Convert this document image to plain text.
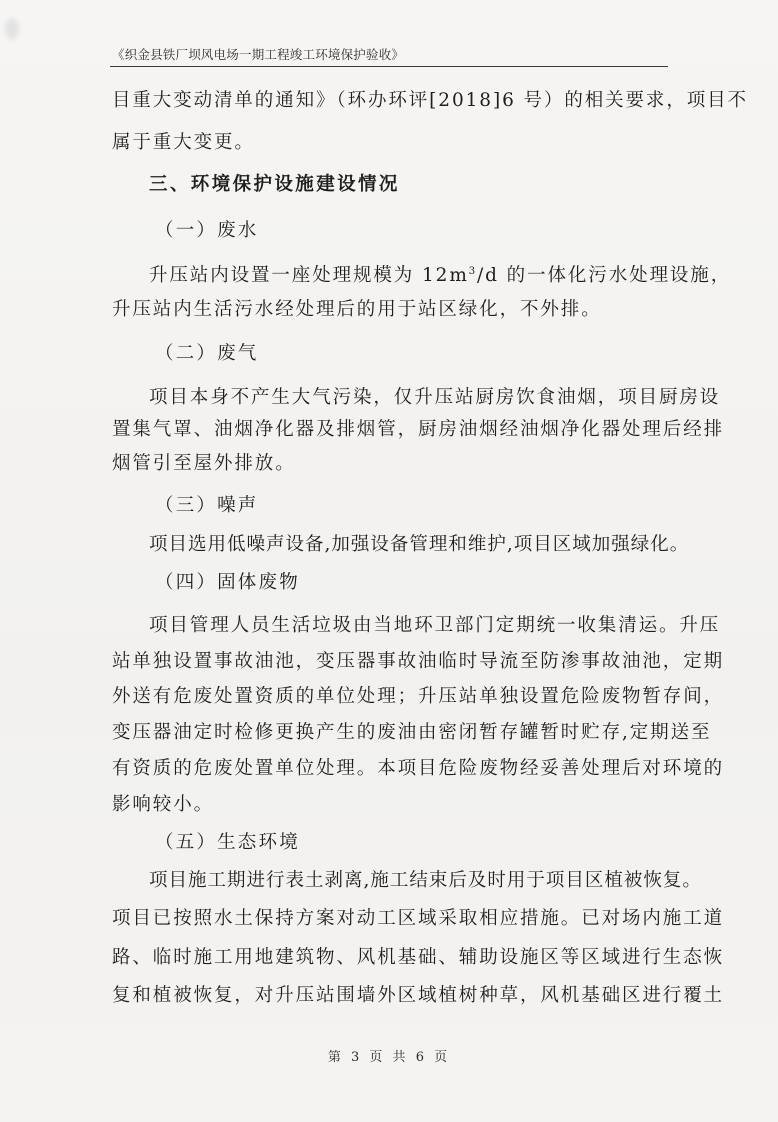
《织金县铁厂坝风电场一期工程竣工环境保护验收》
目重大变动清单的通知》（环办环评[2018]6 号）的相关要求，项目不
属于重大变更。
三、环境保护设施建设情况
（一）废水
升压站内设置一座处理规模为 $12m^3/d$ 的一体化污水处理设施，
升压站内生活污水经处理后的用于站区绿化，不外排。
（二）废气
项目本身不产生大气污染，仅升压站厨房饮食油烟，项目厨房设
置集气罩、油烟净化器及排烟管，厨房油烟经油烟净化器处理后经排
烟管引至屋外排放。
（三）噪声
项目选用低噪声设备,加强设备管理和维护,项目区域加强绿化。
（四）固体废物
项目管理人员生活垃圾由当地环卫部门定期统一收集清运。升压
站单独设置事故油池，变压器事故油临时导流至防渗事故油池，定期
外送有危废处置资质的单位处理；升压站单独设置危险废物暂存间，
变压器油定时检修更换产生的废油由密闭暂存罐暂时贮存,定期送至
有资质的危废处置单位处理。本项目危险废物经妥善处理后对环境的
影响较小。
（五）生态环境
项目施工期进行表土剥离,施工结束后及时用于项目区植被恢复。
项目已按照水土保持方案对动工区域采取相应措施。已对场内施工道
路、临时施工用地建筑物、风机基础、辅助设施区等区域进行生态恢
复和植被恢复，对升压站围墙外区域植树种草，风机基础区进行覆土
第 3 页 共 6 页
